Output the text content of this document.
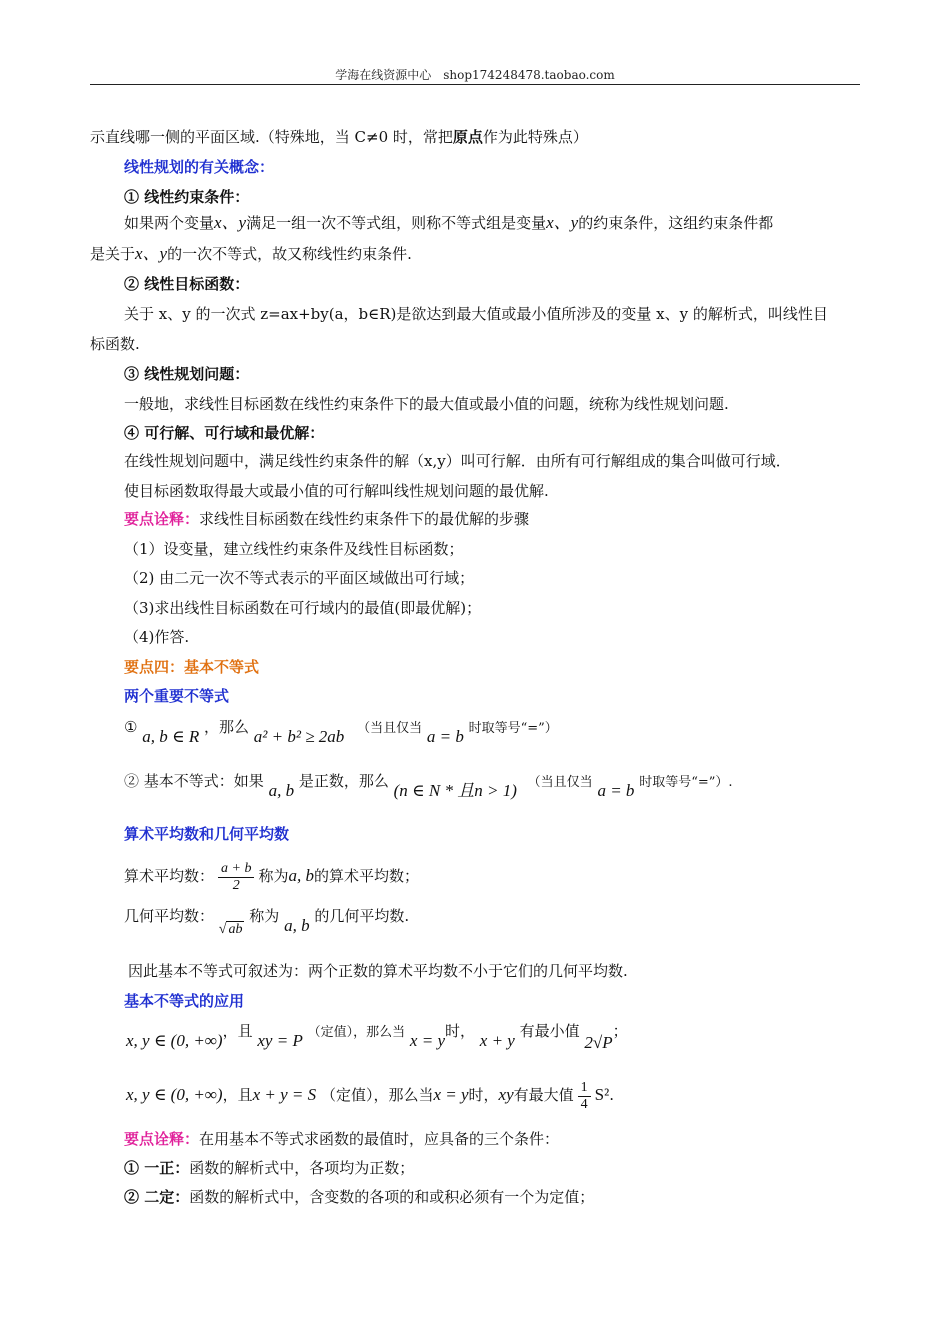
学海在线资源中心　shop174248478.taobao.com
示直线哪一侧的平面区域.（特殊地，当 C≠0 时，常把原点作为此特殊点）
线性规划的有关概念：
① 线性约束条件：
如果两个变量x、y满足一组一次不等式组，则称不等式组是变量x、y的约束条件，这组约束条件都
是关于x、y的一次不等式，故又称线性约束条件.
② 线性目标函数：
关于 x、y 的一次式 z=ax+by(a，b∈R)是欲达到最大值或最小值所涉及的变量 x、y 的解析式，叫线性目
标函数.
③ 线性规划问题：
一般地，求线性目标函数在线性约束条件下的最大值或最小值的问题，统称为线性规划问题.
④ 可行解、可行域和最优解：
在线性规划问题中，满足线性约束条件的解（x,y）叫可行解．由所有可行解组成的集合叫做可行域．
使目标函数取得最大或最小值的可行解叫线性规划问题的最优解.
要点诠释：求线性目标函数在线性约束条件下的最优解的步骤
（1）设变量，建立线性约束条件及线性目标函数；
（2) 由二元一次不等式表示的平面区域做出可行域；
（3)求出线性目标函数在可行域内的最值(即最优解)；
（4)作答.
要点四：基本不等式
两个重要不等式
① a, b ∈ R ，那么 a² + b² ≥ 2ab （当且仅当 a = b 时取等号“=”）
② 基本不等式：如果 a, b 是正数，那么 (n ∈ N * 且n > 1) （当且仅当 a = b 时取等号“=”）.
算术平均数和几何平均数
算术平均数： $\frac{a + b}{2}$ 称为a, b的算术平均数；
几何平均数： √ ab 称为 a, b 的几何平均数.
因此基本不等式可叙述为：两个正数的算术平均数不小于它们的几何平均数.
基本不等式的应用
x, y ∈ (0, +∞)，且 xy = P （定值），那么当 x = y时， x + y 有最小值 2√P；
x, y ∈ (0, +∞)，且x + y = S （定值），那么当x = y时，xy有最大值 $\frac{1}{4} S^2$.
要点诠释：在用基本不等式求函数的最值时，应具备的三个条件：
① 一正：函数的解析式中，各项均为正数；
② 二定：函数的解析式中，含变数的各项的和或积必须有一个为定值；
